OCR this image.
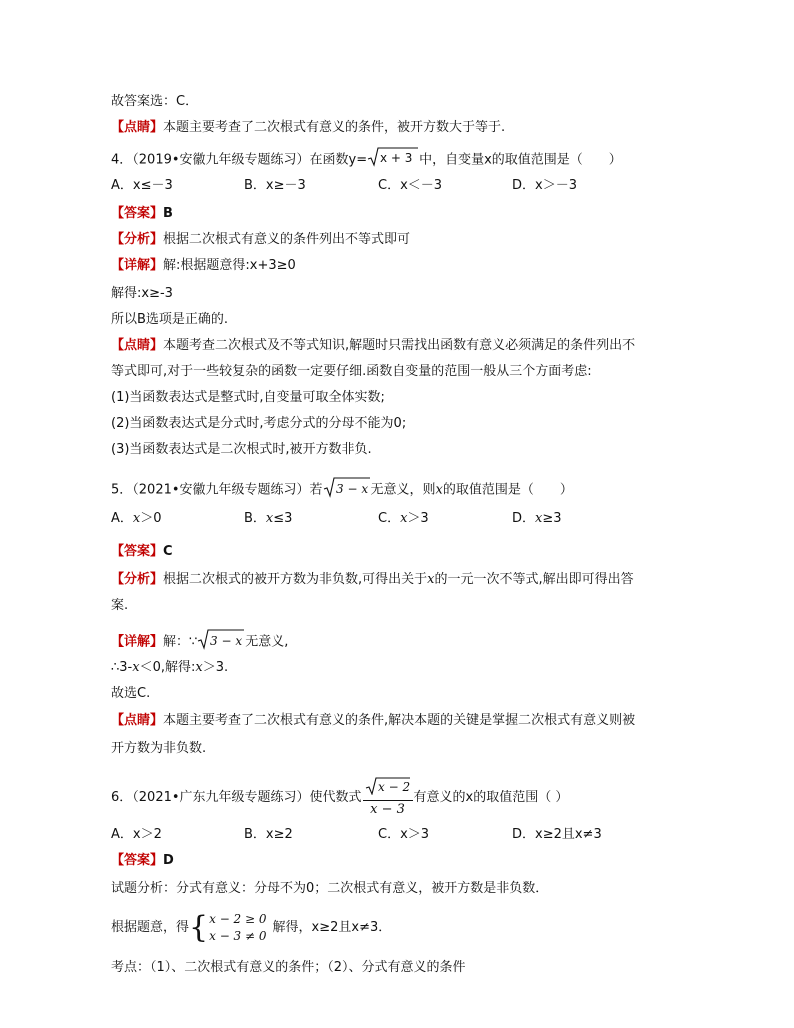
故答案选：C．
【点睛】本题主要考查了二次根式有意义的条件，被开方数大于等于.
4．（2019•安徽九年级专题练习）在函数y= x + 3 中，自变量x的取值范围是（　　）
A．x≤－3	B．x≥－3	C．x＜－3	D．x＞－3
【答案】B
【分析】根据二次根式有意义的条件列出不等式即可
【详解】解:根据题意得:x+3≥0
解得:x≥-3
所以B选项是正确的.
【点睛】本题考查二次根式及不等式知识,解题时只需找出函数有意义必须满足的条件列出不
等式即可,对于一些较复杂的函数一定要仔细.函数自变量的范围一般从三个方面考虑:
(1)当函数表达式是整式时,自变量可取全体实数;
(2)当函数表达式是分式时,考虑分式的分母不能为0;
(3)当函数表达式是二次根式时,被开方数非负.
5．（2021•安徽九年级专题练习）若 3 − x 无意义，则x的取值范围是（　　）
A．x＞0	B．x≤3	C．x＞3	D．x≥3
【答案】C
【分析】根据二次根式的被开方数为非负数,可得出关于x的一元一次不等式,解出即可得出答
案.
【详解】解：∵ 3 − x 无意义,
∴3-x＜0,解得:x＞3.
故选C.
【点睛】本题主要考查了二次根式有意义的条件,解决本题的关键是掌握二次根式有意义则被
开方数为非负数.
6．（2021•广东九年级专题练习）使代数式 $\frac{x - 2}{x - 3}$ 有意义的x的取值范围（ ）
A．x＞2	B．x≥2	C．x＞3	D．x≥2且x≠3
【答案】D
试题分析：分式有意义：分母不为0；二次根式有意义，被开方数是非负数．
根据题意，得 { x − 2 ≥ 0
x − 3 ≠ 0
解得，x≥2且x≠3．
考点：（1）、二次根式有意义的条件；（2）、分式有意义的条件
